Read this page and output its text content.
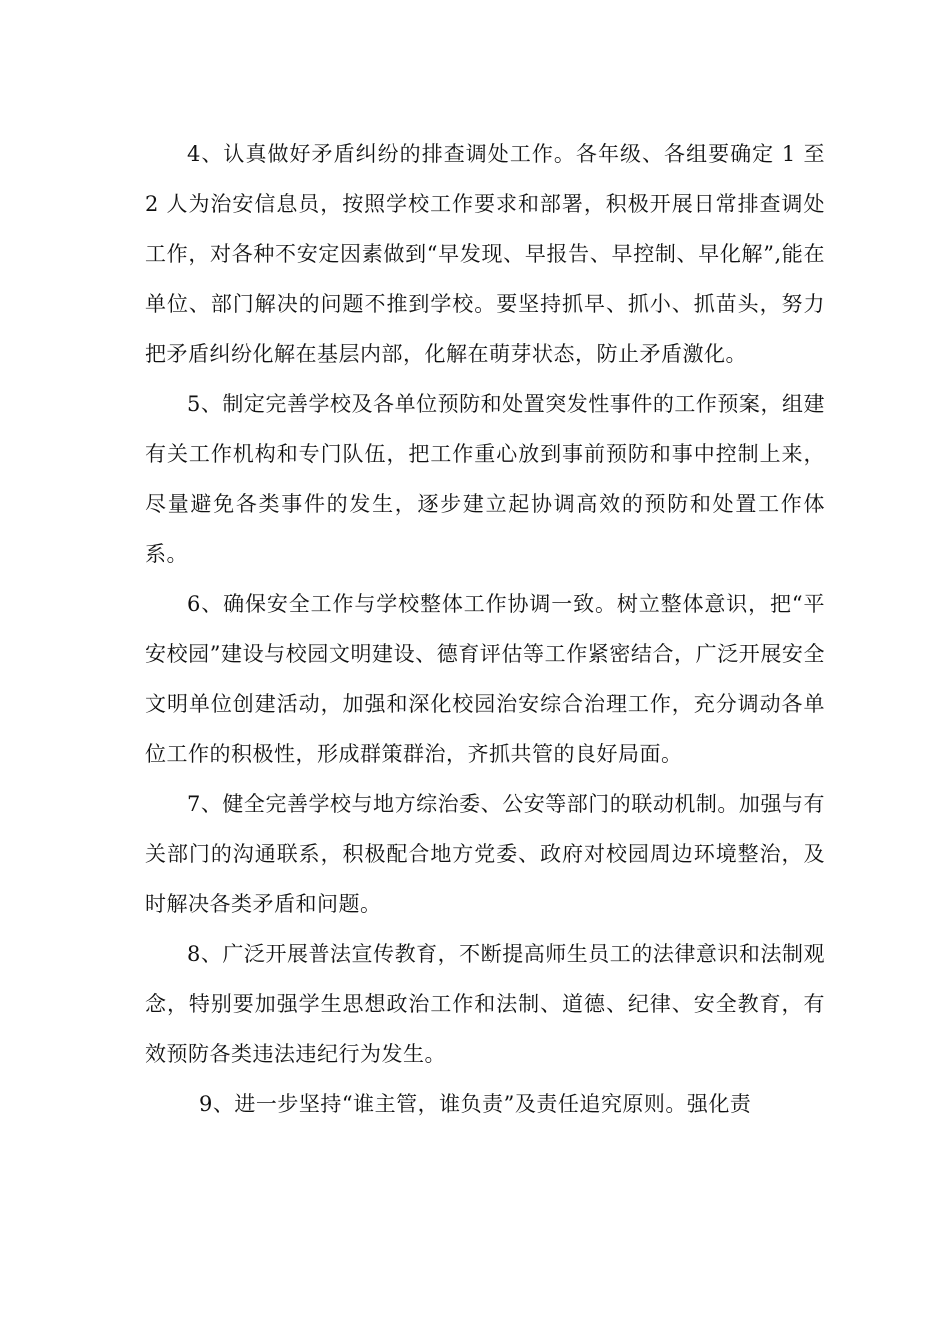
4、认真做好矛盾纠纷的排查调处工作。各年级、各组要确定 1 至 2 人为治安信息员，按照学校工作要求和部署，积极开展日常排查调处工作，对各种不安定因素做到“早发现、早报告、早控制、早化解”,能在单位、部门解决的问题不推到学校。要坚持抓早、抓小、抓苗头，努力把矛盾纠纷化解在基层内部，化解在萌芽状态，防止矛盾激化。

5、制定完善学校及各单位预防和处置突发性事件的工作预案，组建有关工作机构和专门队伍，把工作重心放到事前预防和事中控制上来，尽量避免各类事件的发生，逐步建立起协调高效的预防和处置工作体系。

6、确保安全工作与学校整体工作协调一致。树立整体意识，把“平安校园”建设与校园文明建设、德育评估等工作紧密结合，广泛开展安全文明单位创建活动，加强和深化校园治安综合治理工作，充分调动各单位工作的积极性，形成群策群治，齐抓共管的良好局面。

7、健全完善学校与地方综治委、公安等部门的联动机制。加强与有关部门的沟通联系，积极配合地方党委、政府对校园周边环境整治，及时解决各类矛盾和问题。

8、广泛开展普法宣传教育，不断提高师生员工的法律意识和法制观念，特别要加强学生思想政治工作和法制、道德、纪律、安全教育，有效预防各类违法违纪行为发生。

9、进一步坚持“谁主管，谁负责”及责任追究原则。强化责
